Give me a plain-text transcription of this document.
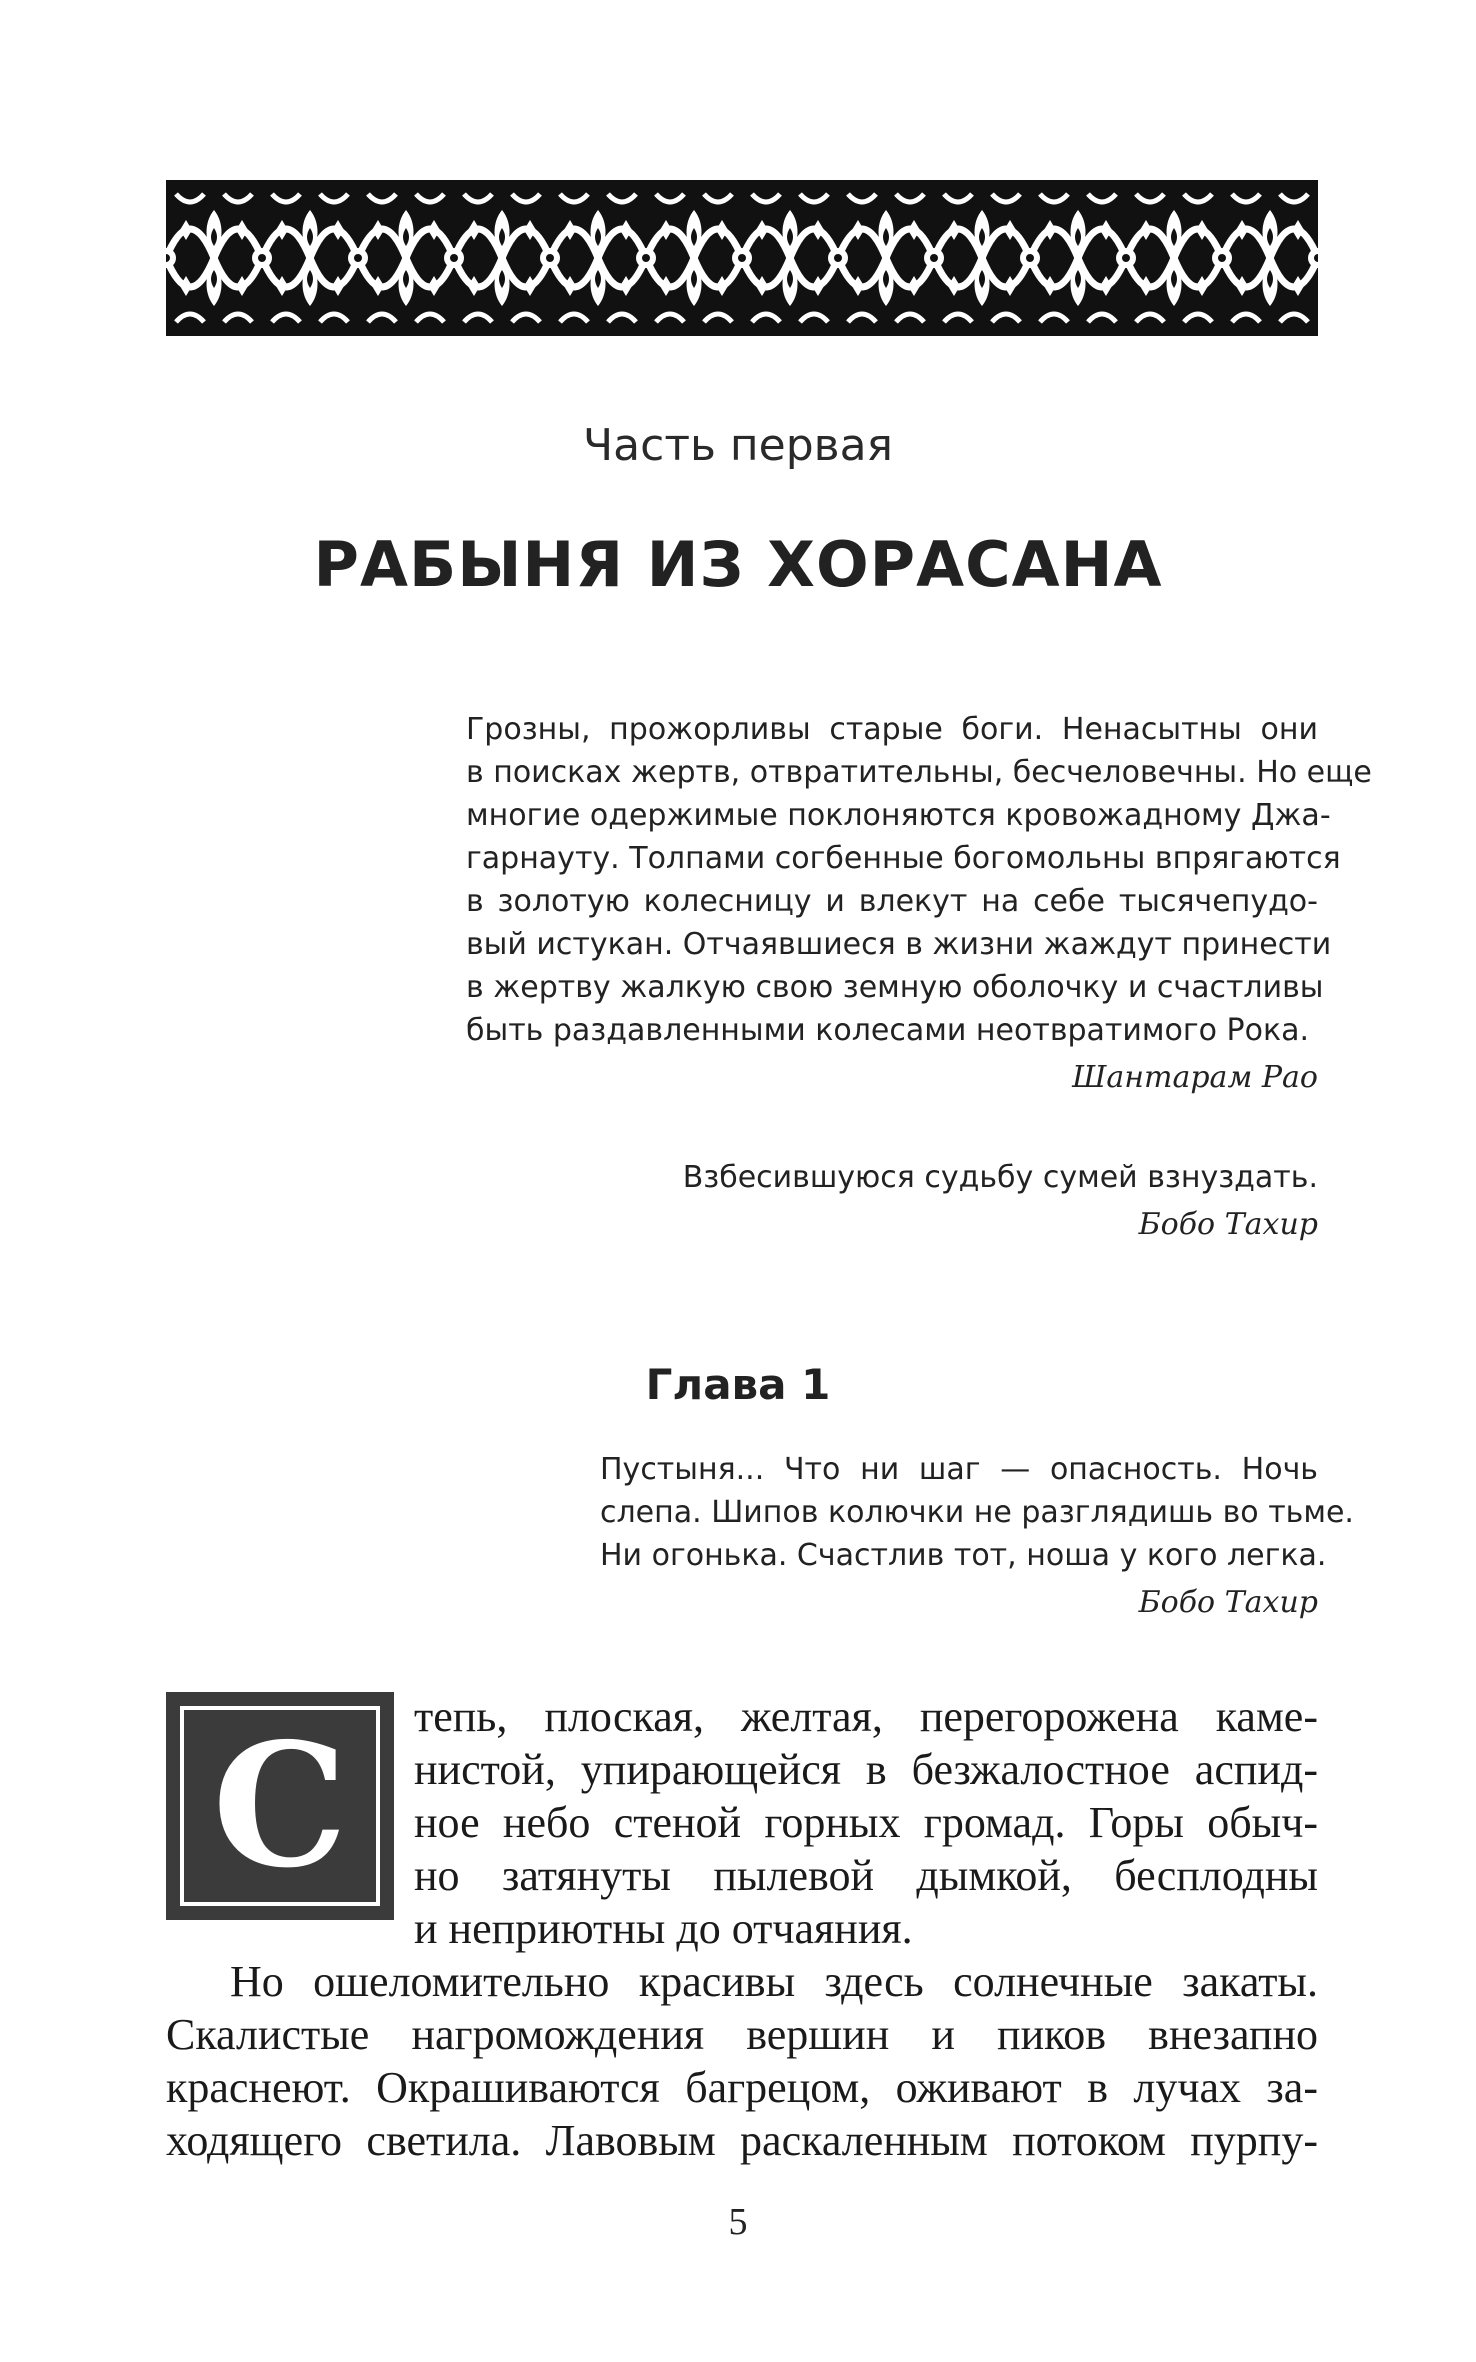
Часть первая
РАБЫНЯ ИЗ ХОРАСАНА
Грозны, прожорливы старые боги. Ненасытны они
в поисках жертв, отвратительны, бесчеловечны. Но еще
многие одержимые поклоняются кровожадному Джа-
гарнауту. Толпами согбенные богомольны впрягаются
в золотую колесницу и влекут на себе тысячепудо-
вый истукан. Отчаявшиеся в жизни жаждут принести
в жертву жалкую свою земную оболочку и счастливы
быть раздавленными колесами неотвратимого Рока.
Шантарам Рао
Взбесившуюся судьбу сумей взнуздать.
Бобо Тахир
Глава 1
Пустыня... Что ни шаг — опасность. Ночь
слепа. Шипов колючки не разглядишь во тьме.
Ни огонька. Счастлив тот, ноша у кого легка.
Бобо Тахир
С	тепь, плоская, желтая, перегорожена каме-
нистой, упирающейся в безжалостное аспид-
ное небо стеной горных громад. Горы обыч-
но затянуты пылевой дымкой, бесплодны
и неприютны до отчаяния.
Но ошеломительно красивы здесь солнечные закаты.
Скалистые нагромождения вершин и пиков внезапно
краснеют. Окрашиваются багрецом, оживают в лучах за-
ходящего светила. Лавовым раскаленным потоком пурпу-
5
